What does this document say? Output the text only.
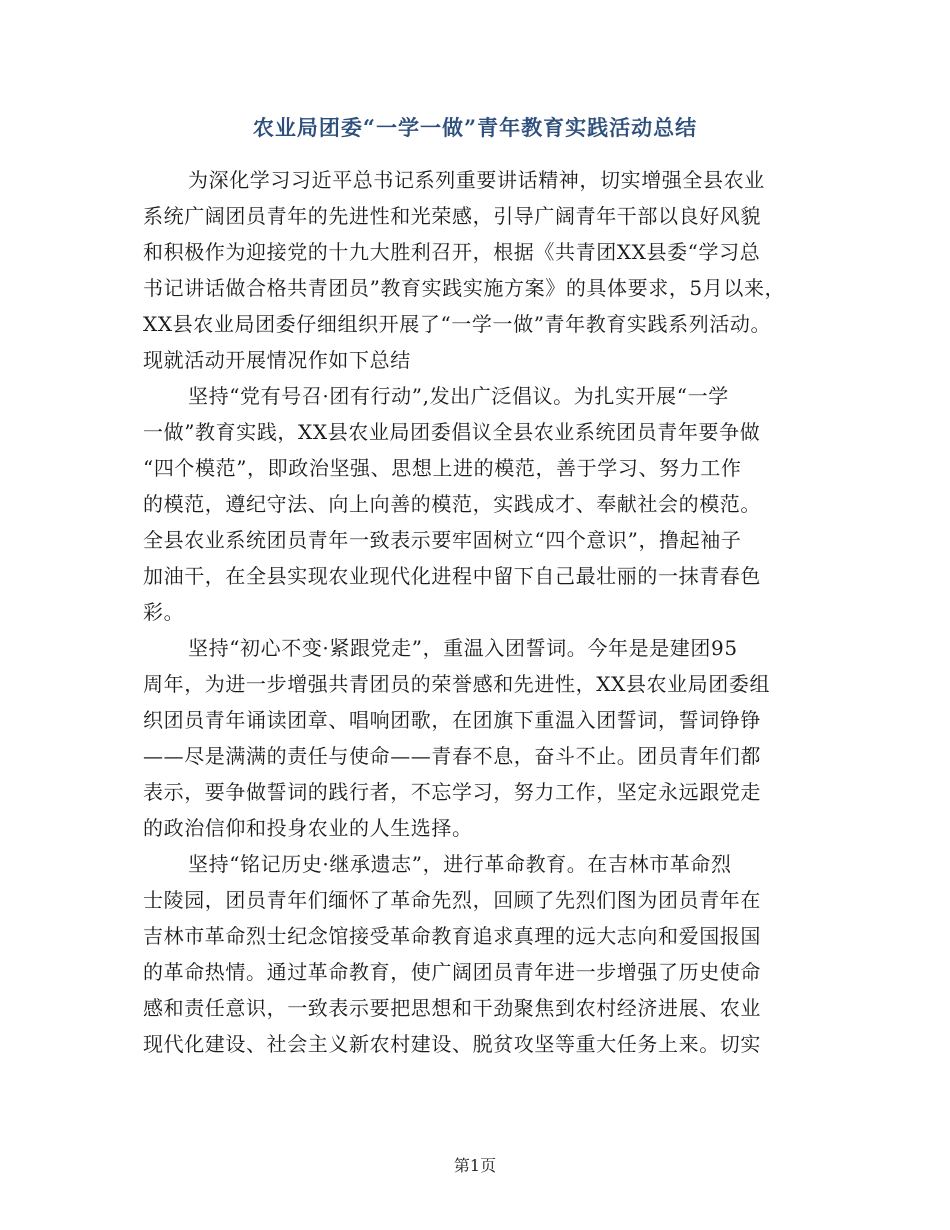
农业局团委“一学一做”青年教育实践活动总结
为深化学习习近平总书记系列重要讲话精神，切实增强全县农业
系统广阔团员青年的先进性和光荣感，引导广阔青年干部以良好风貌
和积极作为迎接党的十九大胜利召开，根据《共青团XX县委“学习总
书记讲话做合格共青团员”教育实践实施方案》的具体要求，5月以来，
XX县农业局团委仔细组织开展了“一学一做”青年教育实践系列活动。
现就活动开展情况作如下总结
坚持“党有号召·团有行动”,发出广泛倡议。为扎实开展“一学
一做”教育实践，XX县农业局团委倡议全县农业系统团员青年要争做
“四个模范”，即政治坚强、思想上进的模范，善于学习、努力工作
的模范，遵纪守法、向上向善的模范，实践成才、奉献社会的模范。
全县农业系统团员青年一致表示要牢固树立“四个意识”，撸起袖子
加油干，在全县实现农业现代化进程中留下自己最壮丽的一抹青春色
彩。
坚持“初心不变·紧跟党走”，重温入团誓词。今年是是建团95
周年，为进一步增强共青团员的荣誉感和先进性，XX县农业局团委组
织团员青年诵读团章、唱响团歌，在团旗下重温入团誓词，誓词铮铮
——尽是满满的责任与使命——青春不息，奋斗不止。团员青年们都
表示，要争做誓词的践行者，不忘学习，努力工作，坚定永远跟党走
的政治信仰和投身农业的人生选择。
坚持“铭记历史·继承遗志”，进行革命教育。在吉林市革命烈
士陵园，团员青年们缅怀了革命先烈，回顾了先烈们图为团员青年在
吉林市革命烈士纪念馆接受革命教育追求真理的远大志向和爱国报国
的革命热情。通过革命教育，使广阔团员青年进一步增强了历史使命
感和责任意识，一致表示要把思想和干劲聚焦到农村经济进展、农业
现代化建设、社会主义新农村建设、脱贫攻坚等重大任务上来。切实
第1页
